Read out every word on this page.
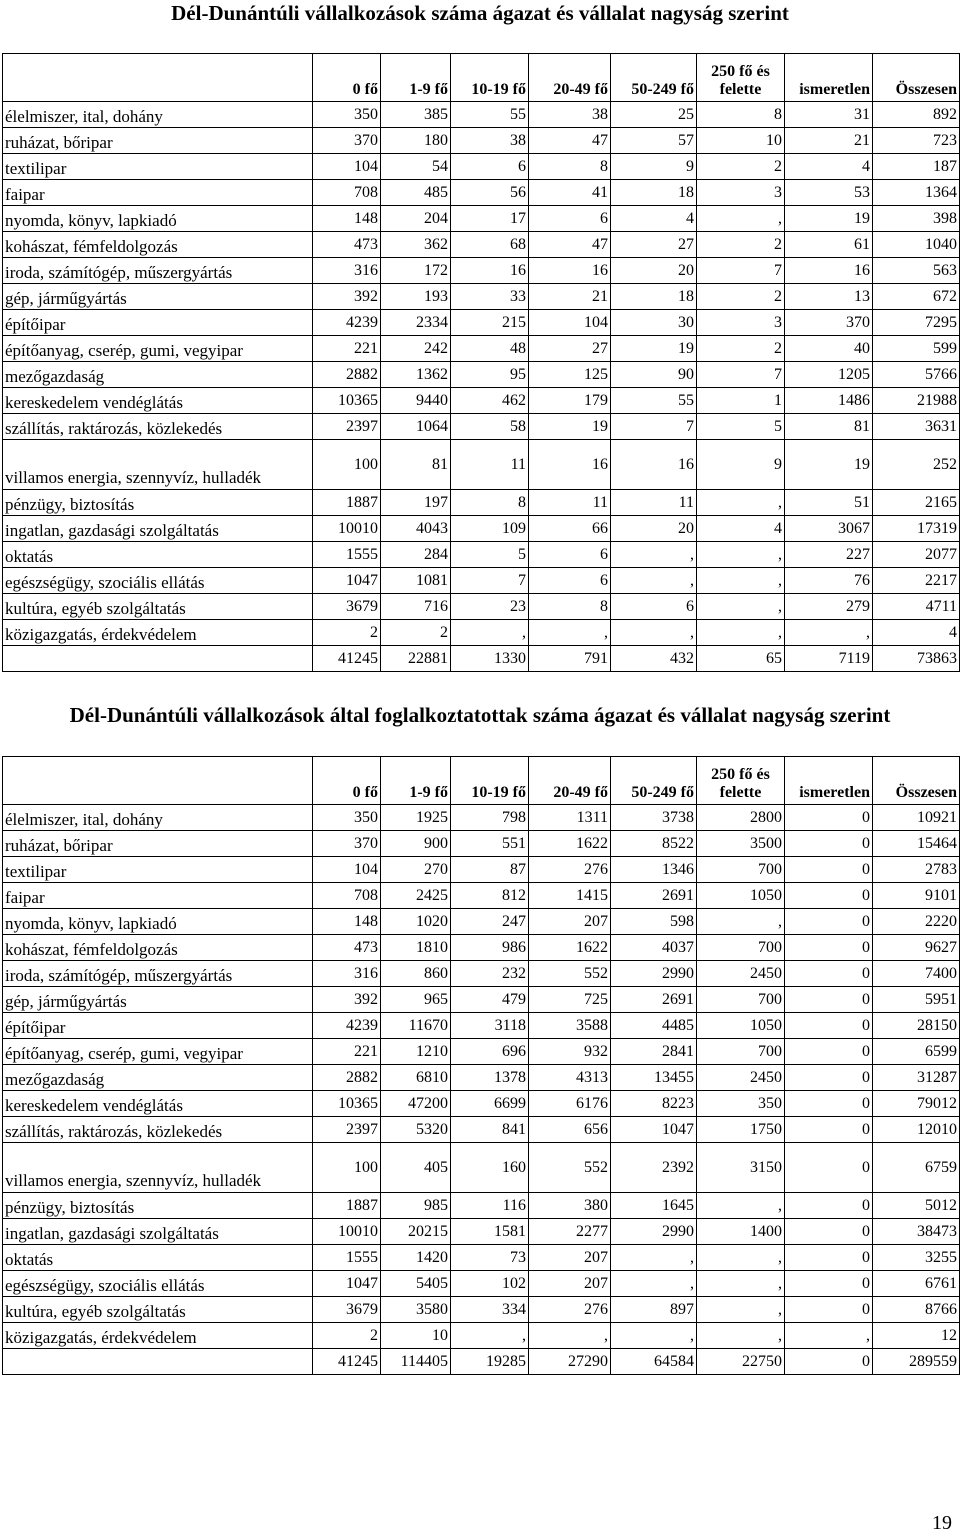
Dél-Dunántúli vállalkozások száma ágazat és vállalat nagyság szerint
	0 fő	1-9 fő	10-19 fő	20-49 fő	50-249 fő	250 fő és felette	ismeretlen	Összesen
élelmiszer, ital, dohány	350	385	55	38	25	8	31	892
ruházat, bőripar	370	180	38	47	57	10	21	723
textilipar	104	54	6	8	9	2	4	187
faipar	708	485	56	41	18	3	53	1364
nyomda, könyv, lapkiadó	148	204	17	6	4	,	19	398
kohászat, fémfeldolgozás	473	362	68	47	27	2	61	1040
iroda, számítógép, műszergyártás	316	172	16	16	20	7	16	563
gép, járműgyártás	392	193	33	21	18	2	13	672
építőipar	4239	2334	215	104	30	3	370	7295
építőanyag, cserép, gumi, vegyipar	221	242	48	27	19	2	40	599
mezőgazdaság	2882	1362	95	125	90	7	1205	5766
kereskedelem vendéglátás	10365	9440	462	179	55	1	1486	21988
szállítás, raktározás, közlekedés	2397	1064	58	19	7	5	81	3631
villamos energia, szennyvíz, hulladék	100	81	11	16	16	9	19	252
pénzügy, biztosítás	1887	197	8	11	11	,	51	2165
ingatlan, gazdasági szolgáltatás	10010	4043	109	66	20	4	3067	17319
oktatás	1555	284	5	6	,	,	227	2077
egészségügy, szociális ellátás	1047	1081	7	6	,	,	76	2217
kultúra, egyéb szolgáltatás	3679	716	23	8	6	,	279	4711
közigazgatás, érdekvédelem	2	2	,	,	,	,	,	4
	41245	22881	1330	791	432	65	7119	73863
Dél-Dunántúli vállalkozások által foglalkoztatottak száma ágazat és vállalat nagyság szerint
	0 fő	1-9 fő	10-19 fő	20-49 fő	50-249 fő	250 fő és felette	ismeretlen	Összesen
élelmiszer, ital, dohány	350	1925	798	1311	3738	2800	0	10921
ruházat, bőripar	370	900	551	1622	8522	3500	0	15464
textilipar	104	270	87	276	1346	700	0	2783
faipar	708	2425	812	1415	2691	1050	0	9101
nyomda, könyv, lapkiadó	148	1020	247	207	598	,	0	2220
kohászat, fémfeldolgozás	473	1810	986	1622	4037	700	0	9627
iroda, számítógép, műszergyártás	316	860	232	552	2990	2450	0	7400
gép, járműgyártás	392	965	479	725	2691	700	0	5951
építőipar	4239	11670	3118	3588	4485	1050	0	28150
építőanyag, cserép, gumi, vegyipar	221	1210	696	932	2841	700	0	6599
mezőgazdaság	2882	6810	1378	4313	13455	2450	0	31287
kereskedelem vendéglátás	10365	47200	6699	6176	8223	350	0	79012
szállítás, raktározás, közlekedés	2397	5320	841	656	1047	1750	0	12010
villamos energia, szennyvíz, hulladék	100	405	160	552	2392	3150	0	6759
pénzügy, biztosítás	1887	985	116	380	1645	,	0	5012
ingatlan, gazdasági szolgáltatás	10010	20215	1581	2277	2990	1400	0	38473
oktatás	1555	1420	73	207	,	,	0	3255
egészségügy, szociális ellátás	1047	5405	102	207	,	,	0	6761
kultúra, egyéb szolgáltatás	3679	3580	334	276	897	,	0	8766
közigazgatás, érdekvédelem	2	10	,	,	,	,	,	12
	41245	114405	19285	27290	64584	22750	0	289559
19
